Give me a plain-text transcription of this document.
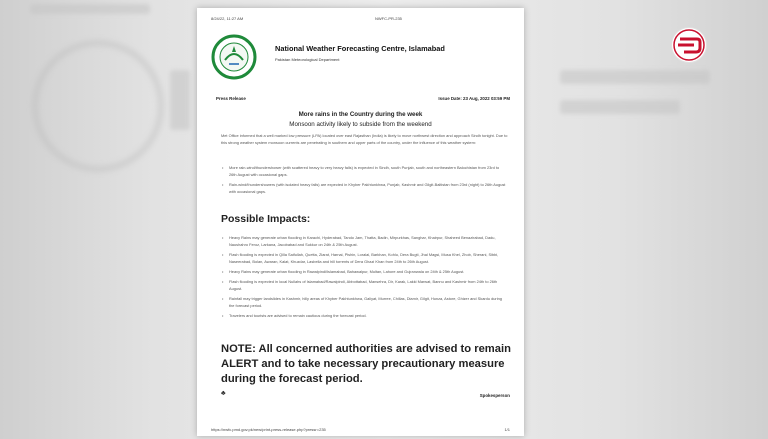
8/24/22, 11:27 AM	NWFC-PR-235
National Weather Forecasting Centre, Islamabad
Pakistan Meteorological Department
Press Release	Issue Date: 23 Aug, 2022 03:59 PM
More rains in the Country during the week
Monsoon activity likely to subside from the weekend
Met Office informed that a well marked low pressure (LPA) located over east Rajasthan (India) is likely to move northwest direction and approach Sindh tonight. Due to this strong weather system monsoon currents are penetrating in southern and upper parts of the country, under the influence of this weather system:
• More rain-wind/thundershower (with scattered heavy to very heavy falls) is expected in Sindh, south Punjab, south and northeastern Balochistan from 23rd to 26th August with occasional gaps.
• Rain-wind/thundershowers (with isolated heavy falls) are expected in Khyber Pakhtunkhwa, Punjab, Kashmir and Gilgit-Baltistan from 23rd (night) to 26th August with occasional gaps.
Possible Impacts:
• Heavy Rains may generate urban flooding in Karachi, Hyderabad, Tando Jam, Thatta, Badin, Mirpurkhas, Sanghar, Khairpur, Shaheed Benazirabad, Dadu, Naushahro Feroz, Larkana, Jacobabad and Sukkur on 24th & 25th August.
• Flash flooding is expected in Qilla Saifullah, Quetta, Ziarat, Harnai, Pishin, Loralai, Barkhan, Kohlu, Dera Bugti, Jhal Magsi, Musa Khel, Zhob, Sherani, Sibbi, Naseerabad, Bolan, Awaran, Kalat, Khuzdar, Lasbella and hill torrents of Dera Ghazi Khan from 24th to 26th August.
• Heavy Rains may generate urban flooding in Rawalpindi/Islamabad, Bahawalpur, Multan, Lahore and Gujranwala on 24th & 25th August.
• Flash flooding is expected in local Nullahs of Islamabad/Rawalpindi, Abbottabad, Mansehra, Dir, Karak, Lakki Marwat, Bannu and Kashmir from 24th to 26th August.
• Rainfall may trigger landslides in Kashmir, hilly areas of Khyber Pakhtunkhwa, Galiyat, Murree, Chillas, Diamir, Gilgit, Hunza, Astore, Ghizer and Skardu during the forecast period.
• Travelers and tourists are advised to remain cautious during the forecast period.
NOTE: All concerned authorities are advised to remain ALERT and to take necessary precautionary measure during the forecast period.
♣	Spokesperson
https://nwfc.pmd.gov.pk/new/print-press-release.php?pressr=235	1/1
